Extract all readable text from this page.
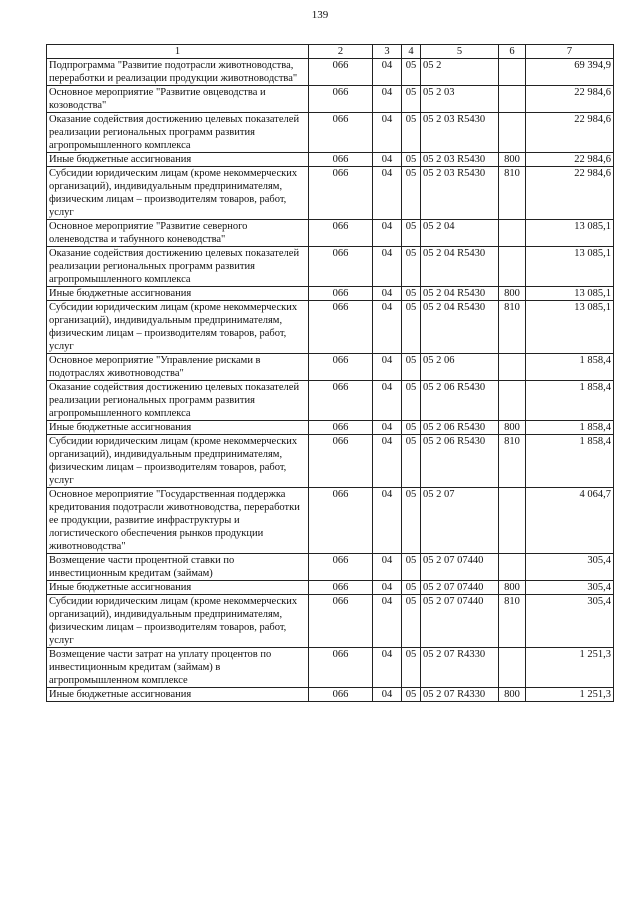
139
1	2	3	4	5	6	7
Подпрограмма "Развитие подотрасли животноводства, переработки и реализации продукции животноводства"	066	04	05	05 2		69 394,9
Основное мероприятие "Развитие овцеводства и козоводства"	066	04	05	05 2 03		22 984,6
Оказание содействия достижению целевых показателей реализации региональных программ развития агропромышленного комплекса	066	04	05	05 2 03 R5430		22 984,6
Иные бюджетные ассигнования	066	04	05	05 2 03 R5430	800	22 984,6
Субсидии юридическим лицам (кроме некоммерческих организаций), индивидуальным предпринимателям, физическим лицам – производителям товаров, работ, услуг	066	04	05	05 2 03 R5430	810	22 984,6
Основное мероприятие "Развитие северного оленеводства и табунного коневодства"	066	04	05	05 2 04		13 085,1
Оказание содействия достижению целевых показателей реализации региональных программ развития агропромышленного комплекса	066	04	05	05 2 04 R5430		13 085,1
Иные бюджетные ассигнования	066	04	05	05 2 04 R5430	800	13 085,1
Субсидии юридическим лицам (кроме некоммерческих организаций), индивидуальным предпринимателям, физическим лицам – производителям товаров, работ, услуг	066	04	05	05 2 04 R5430	810	13 085,1
Основное мероприятие "Управление рисками в подотраслях животноводства"	066	04	05	05 2 06		1 858,4
Оказание содействия достижению целевых показателей реализации региональных программ развития агропромышленного комплекса	066	04	05	05 2 06 R5430		1 858,4
Иные бюджетные ассигнования	066	04	05	05 2 06 R5430	800	1 858,4
Субсидии юридическим лицам (кроме некоммерческих организаций), индивидуальным предпринимателям, физическим лицам – производителям товаров, работ, услуг	066	04	05	05 2 06 R5430	810	1 858,4
Основное мероприятие "Государственная поддержка кредитования подотрасли животноводства, переработки ее продукции, развитие инфраструктуры и логистического обеспечения рынков продукции животноводства"	066	04	05	05 2 07		4 064,7
Возмещение части процентной ставки по инвестиционным кредитам (займам)	066	04	05	05 2 07 07440		305,4
Иные бюджетные ассигнования	066	04	05	05 2 07 07440	800	305,4
Субсидии юридическим лицам (кроме некоммерческих организаций), индивидуальным предпринимателям, физическим лицам – производителям товаров, работ, услуг	066	04	05	05 2 07 07440	810	305,4
Возмещение части затрат на уплату процентов по инвестиционным кредитам (займам) в агропромышленном комплексе	066	04	05	05 2 07 R4330		1 251,3
Иные бюджетные ассигнования	066	04	05	05 2 07 R4330	800	1 251,3
